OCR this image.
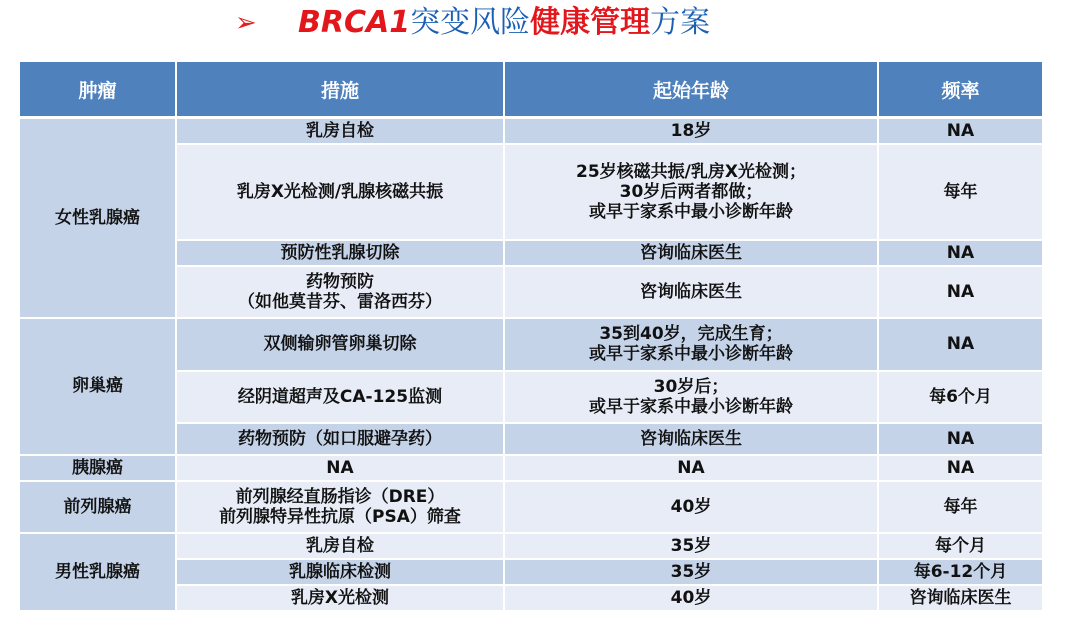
➢ BRCA1突变风险健康管理方案
肿瘤	措施	起始年龄	频率
女性乳腺癌	乳房自检	18岁	NA
	乳房X光检测/乳腺核磁共振	25岁核磁共振/乳房X光检测；
30岁后两者都做；
或早于家系中最小诊断年龄	每年
	预防性乳腺切除	咨询临床医生	NA
	药物预防
（如他莫昔芬、雷洛西芬）	咨询临床医生	NA
卵巢癌	双侧输卵管卵巢切除	35到40岁，完成生育；
或早于家系中最小诊断年龄	NA
	经阴道超声及CA-125监测	30岁后；
或早于家系中最小诊断年龄	每6个月
	药物预防（如口服避孕药）	咨询临床医生	NA
胰腺癌	NA	NA	NA
前列腺癌	前列腺经直肠指诊（DRE）
前列腺特异性抗原（PSA）筛查	40岁	每年
男性乳腺癌	乳房自检	35岁	每个月
	乳腺临床检测	35岁	每6-12个月
	乳房X光检测	40岁	咨询临床医生
